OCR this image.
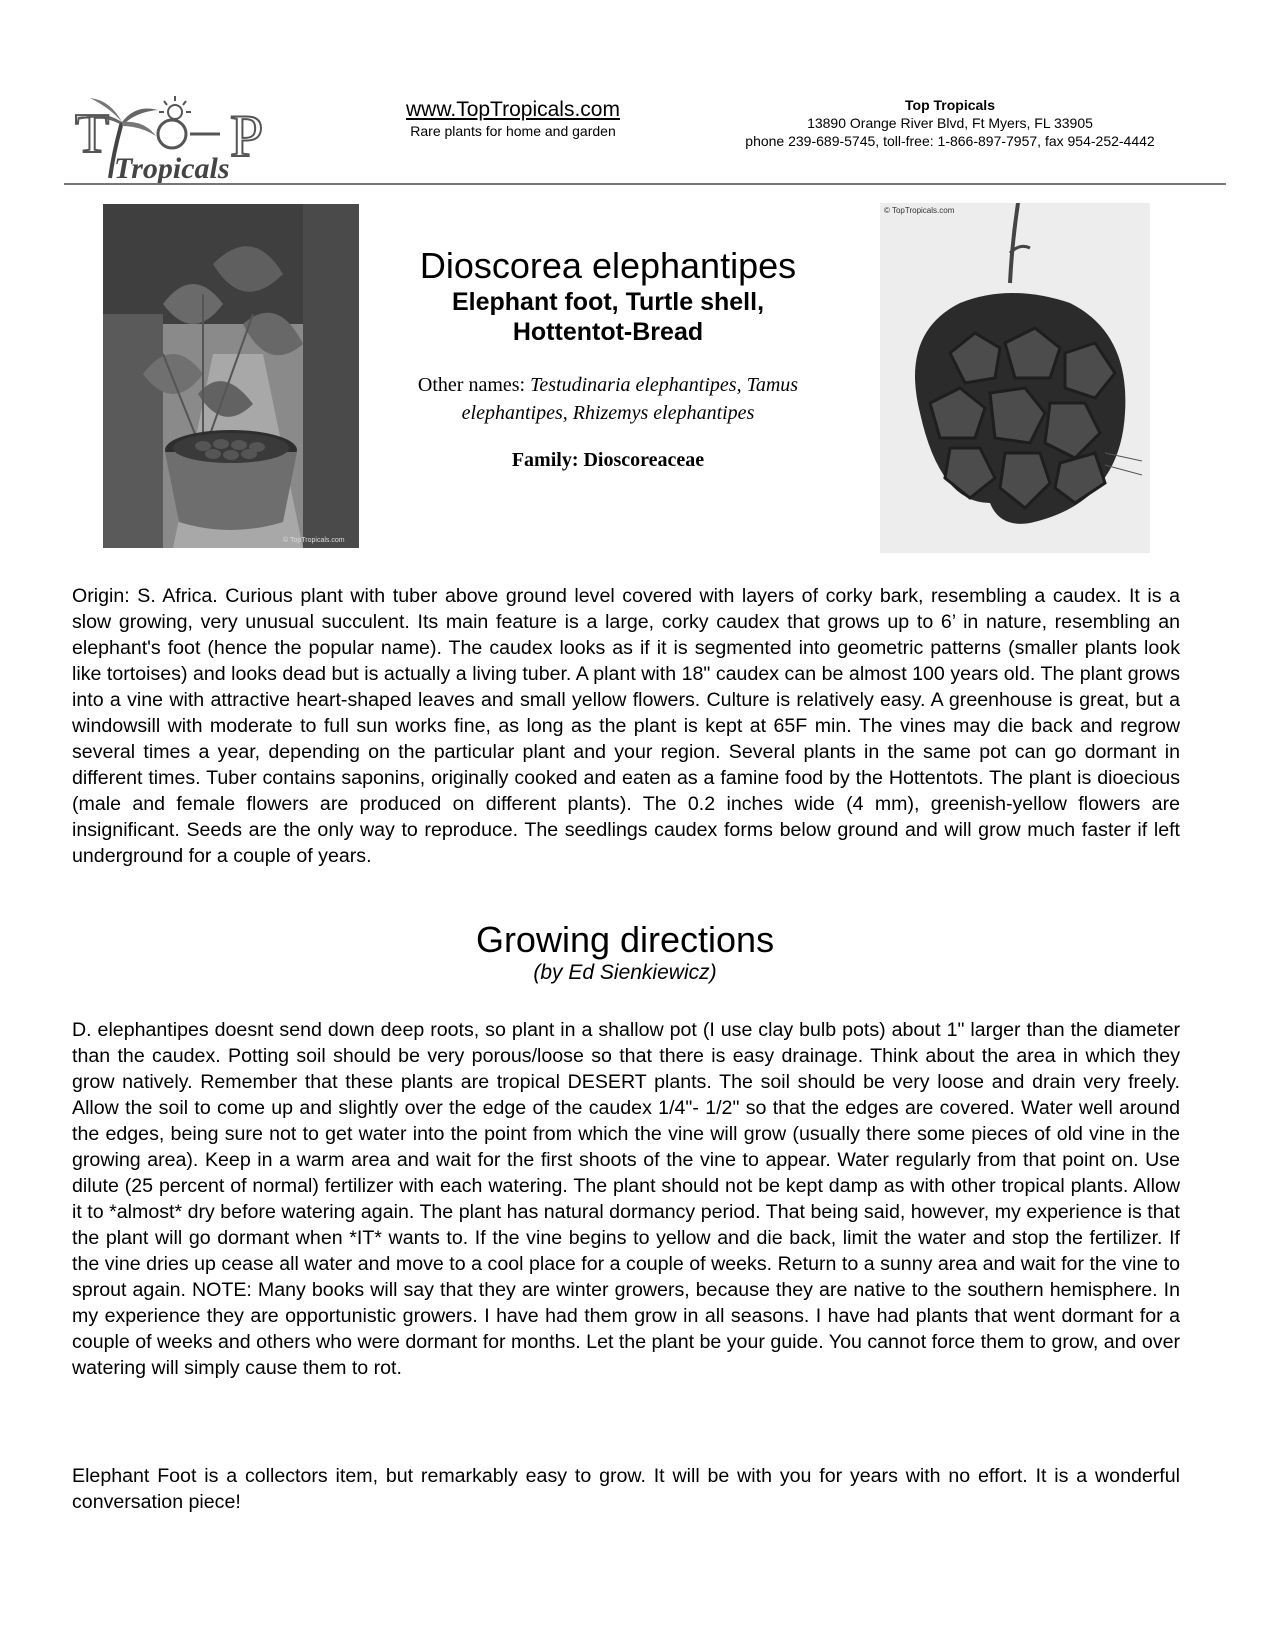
T P
Tropicals
www.TopTropicals.com
Rare plants for home and garden
Top Tropicals
13890 Orange River Blvd, Ft Myers, FL 33905
phone 239-689-5745, toll-free: 1-866-897-7957, fax 954-252-4442
© TopTropicals.com
Dioscorea elephantipes
Elephant foot, Turtle shell, Hottentot-Bread
Other names: Testudinaria elephantipes, Tamus elephantipes, Rhizemys elephantipes
Family: Dioscoreaceae
© TopTropicals.com

Origin: S. Africa. Curious plant with tuber above ground level covered with layers of corky bark, resembling a caudex. It is a slow growing, very unusual succulent. Its main feature is a large, corky caudex that grows up to 6’ in nature, resembling an elephant's foot (hence the popular name). The caudex looks as if it is segmented into geometric patterns (smaller plants look like tortoises) and looks dead but is actually a living tuber. A plant with 18" caudex can be almost 100 years old. The plant grows into a vine with attractive heart-shaped leaves and small yellow flowers. Culture is relatively easy. A greenhouse is great, but a windowsill with moderate to full sun works fine, as long as the plant is kept at 65F min. The vines may die back and regrow several times a year, depending on the particular plant and your region. Several plants in the same pot can go dormant in different times. Tuber contains saponins, originally cooked and eaten as a famine food by the Hottentots. The plant is dioecious (male and female flowers are produced on different plants). The 0.2 inches wide (4 mm), greenish-yellow flowers are insignificant. Seeds are the only way to reproduce. The seedlings caudex forms below ground and will grow much faster if left underground for a couple of years.

Growing directions
(by Ed Sienkiewicz)

D. elephantipes doesnt send down deep roots, so plant in a shallow pot (I use clay bulb pots) about 1" larger than the diameter than the caudex. Potting soil should be very porous/loose so that there is easy drainage. Think about the area in which they grow natively. Remember that these plants are tropical DESERT plants. The soil should be very loose and drain very freely. Allow the soil to come up and slightly over the edge of the caudex 1/4"- 1/2" so that the edges are covered. Water well around the edges, being sure not to get water into the point from which the vine will grow (usually there some pieces of old vine in the growing area). Keep in a warm area and wait for the first shoots of the vine to appear. Water regularly from that point on. Use dilute (25 percent of normal) fertilizer with each watering. The plant should not be kept damp as with other tropical plants. Allow it to *almost* dry before watering again. The plant has natural dormancy period. That being said, however, my experience is that the plant will go dormant when *IT* wants to. If the vine begins to yellow and die back, limit the water and stop the fertilizer. If the vine dries up cease all water and move to a cool place for a couple of weeks. Return to a sunny area and wait for the vine to sprout again. NOTE: Many books will say that they are winter growers, because they are native to the southern hemisphere. In my experience they are opportunistic growers. I have had them grow in all seasons. I have had plants that went dormant for a couple of weeks and others who were dormant for months. Let the plant be your guide. You cannot force them to grow, and over watering will simply cause them to rot.

Elephant Foot is a collectors item, but remarkably easy to grow. It will be with you for years with no effort. It is a wonderful conversation piece!
